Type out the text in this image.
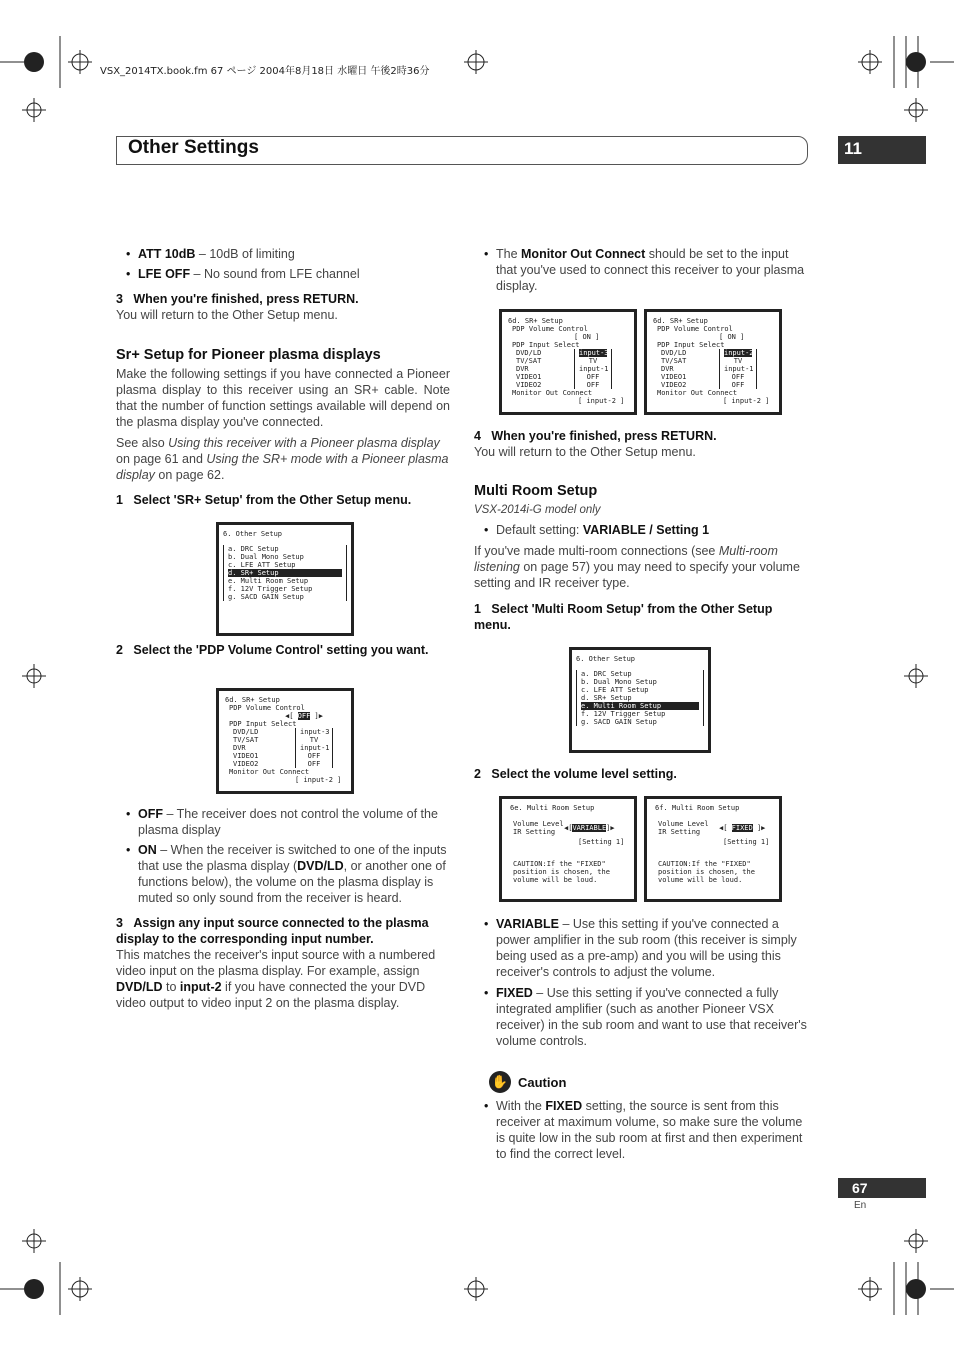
VSX_2014TX.book.fm 67 ページ 2004年8月18日 水曜日 午後2時36分
Other Settings	11
• ATT 10dB – 10dB of limiting
• LFE OFF – No sound from LFE channel
3 When you're finished, press RETURN.
You will return to the Other Setup menu.
Sr+ Setup for Pioneer plasma displays
Make the following settings if you have connected a Pioneer plasma display to this receiver using an SR+ cable. Note that the number of function settings available will depend on the plasma display you've connected.
See also Using this receiver with a Pioneer plasma display on page 61 and Using the SR+ mode with a Pioneer plasma display on page 62.
1 Select 'SR+ Setup' from the Other Setup menu.
6. Other Setup
a. DRC Setup
b. Dual Mono Setup
c. LFE ATT Setup
d. SR+ Setup
e. Multi Room Setup
f. 12V Trigger Setup
g. SACD GAIN Setup
2 Select the 'PDP Volume Control' setting you want.
6d. SR+ Setup
PDP Volume Control
◀[ OFF ]▶
PDP Input Select
DVD/LD
TV/SAT
DVR
VIDEO1
VIDEO2
input-3
TV
input-1
OFF
OFF
Monitor Out Connect
[ input-2 ]
• OFF – The receiver does not control the volume of the plasma display
• ON – When the receiver is switched to one of the inputs that use the plasma display (DVD/LD, or another one of functions below), the volume on the plasma display is muted so only sound from the receiver is heard.
3 Assign any input source connected to the plasma display to the corresponding input number.
This matches the receiver's input source with a numbered video input on the plasma display. For example, assign DVD/LD to input-2 if you have connected the your DVD video output to video input 2 on the plasma display.
• The Monitor Out Connect should be set to the input that you've used to connect this receiver to your plasma display.
6d. SR+ Setup
PDP Volume Control
[ ON ]
PDP Input Select
DVD/LD
TV/SAT
DVR
VIDEO1
VIDEO2
input-3
TV
input-1
OFF
OFF
Monitor Out Connect
[ input-2 ]
6d. SR+ Setup
PDP Volume Control
[ ON ]
PDP Input Select
DVD/LD
TV/SAT
DVR
VIDEO1
VIDEO2
input-2
TV
input-1
OFF
OFF
Monitor Out Connect
[ input-2 ]
4 When you're finished, press RETURN.
You will return to the Other Setup menu.
Multi Room Setup
VSX-2014i-G model only
• Default setting: VARIABLE / Setting 1
If you've made multi-room connections (see Multi-room listening on page 57) you may need to specify your volume setting and IR receiver type.
1 Select 'Multi Room Setup' from the Other Setup menu.
6. Other Setup
a. DRC Setup
b. Dual Mono Setup
c. LFE ATT Setup
d. SR+ Setup
e. Multi Room Setup
f. 12V Trigger Setup
g. SACD GAIN Setup
2 Select the volume level setting.
6e. Multi Room Setup
Volume Level
IR Setting ◀[VARIABLE]▶
[Setting 1]
CAUTION:If the "FIXED"
position is chosen, the
volume will be loud.
6f. Multi Room Setup
Volume Level
IR Setting	◀[ FIXED ]▶
[Setting 1]
CAUTION:If the "FIXED"
position is chosen, the
volume will be loud.
• VARIABLE – Use this setting if you've connected a power amplifier in the sub room (this receiver is simply being used as a pre-amp) and you will be using this receiver's controls to adjust the volume.
• FIXED – Use this setting if you've connected a fully integrated amplifier (such as another Pioneer VSX receiver) in the sub room and want to use that receiver's volume controls.
✋ Caution
• With the FIXED setting, the source is sent from this receiver at maximum volume, so make sure the volume is quite low in the sub room at first and then experiment to find the correct level.
67
En
